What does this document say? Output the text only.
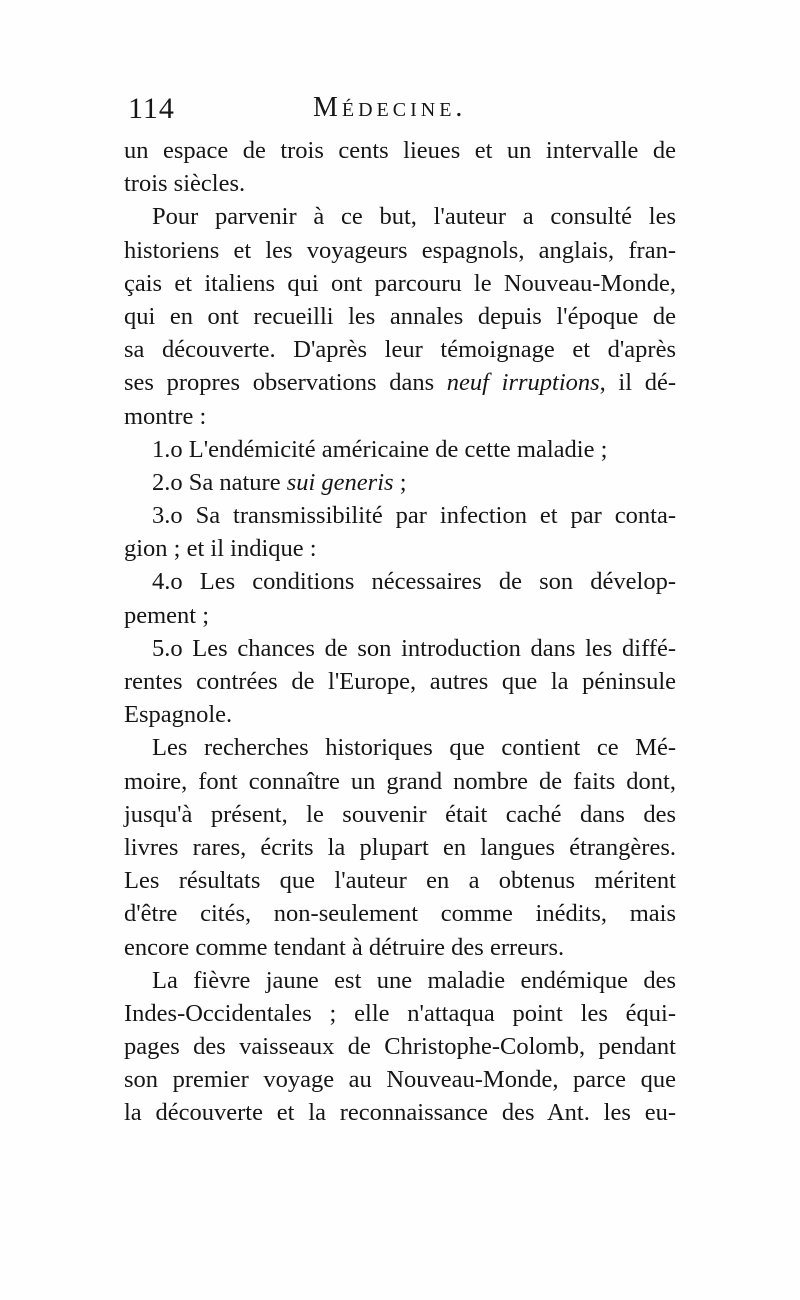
114	Médecine.
un espace de trois cents lieues et un intervalle de
trois siècles.
Pour parvenir à ce but, l'auteur a consulté les
historiens et les voyageurs espagnols, anglais, fran-
çais et italiens qui ont parcouru le Nouveau-Monde,
qui en ont recueilli les annales depuis l'époque de
sa découverte. D'après leur témoignage et d'après
ses propres observations dans neuf irruptions, il dé-
montre :
1.o L'endémicité américaine de cette maladie ;
2.o Sa nature sui generis ;
3.o Sa transmissibilité par infection et par conta-
gion ; et il indique :
4.o Les conditions nécessaires de son dévelop-
pement ;
5.o Les chances de son introduction dans les diffé-
rentes contrées de l'Europe, autres que la péninsule
Espagnole.
Les recherches historiques que contient ce Mé-
moire, font connaître un grand nombre de faits dont,
jusqu'à présent, le souvenir était caché dans des
livres rares, écrits la plupart en langues étrangères.
Les résultats que l'auteur en a obtenus méritent
d'être cités, non-seulement comme inédits, mais
encore comme tendant à détruire des erreurs.
La fièvre jaune est une maladie endémique des
Indes-Occidentales ; elle n'attaqua point les équi-
pages des vaisseaux de Christophe-Colomb, pendant
son premier voyage au Nouveau-Monde, parce que
la découverte et la reconnaissance des Ant. les eu-
